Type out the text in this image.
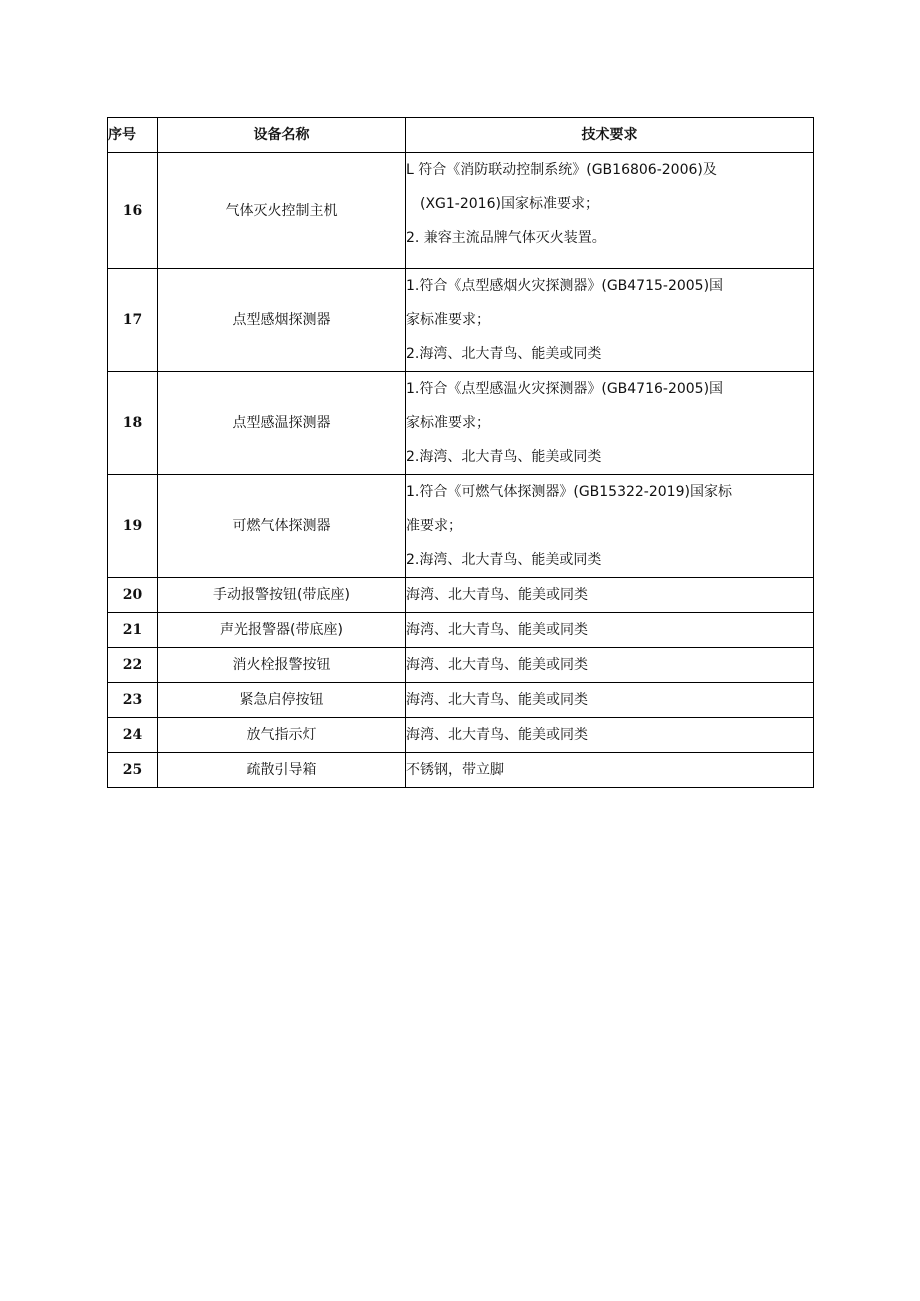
序号	设备名称	技术要求
16	气体灭火控制主机	L 符合《消防联动控制系统》(GB16806-2006)及
(XG1-2016)国家标准要求；
2. 兼容主流品牌气体灭火装置。

17	点型感烟探测器	1.符合《点型感烟火灾探测器》(GB4715-2005)国
家标准要求；
2.海湾、北大青鸟、能美或同类

18	点型感温探测器	1.符合《点型感温火灾探测器》(GB4716-2005)国
家标准要求；
2.海湾、北大青鸟、能美或同类

19	可燃气体探测器	1.符合《可燃气体探测器》(GB15322-2019)国家标
准要求；
2.海湾、北大青鸟、能美或同类

20	手动报警按钮(带底座)	海湾、北大青鸟、能美或同类
21	声光报警器(带底座)	海湾、北大青鸟、能美或同类
22	消火栓报警按钮	海湾、北大青鸟、能美或同类
23	紧急启停按钮	海湾、北大青鸟、能美或同类
24	放气指示灯	海湾、北大青鸟、能美或同类
25	疏散引导箱	不锈钢，带立脚
